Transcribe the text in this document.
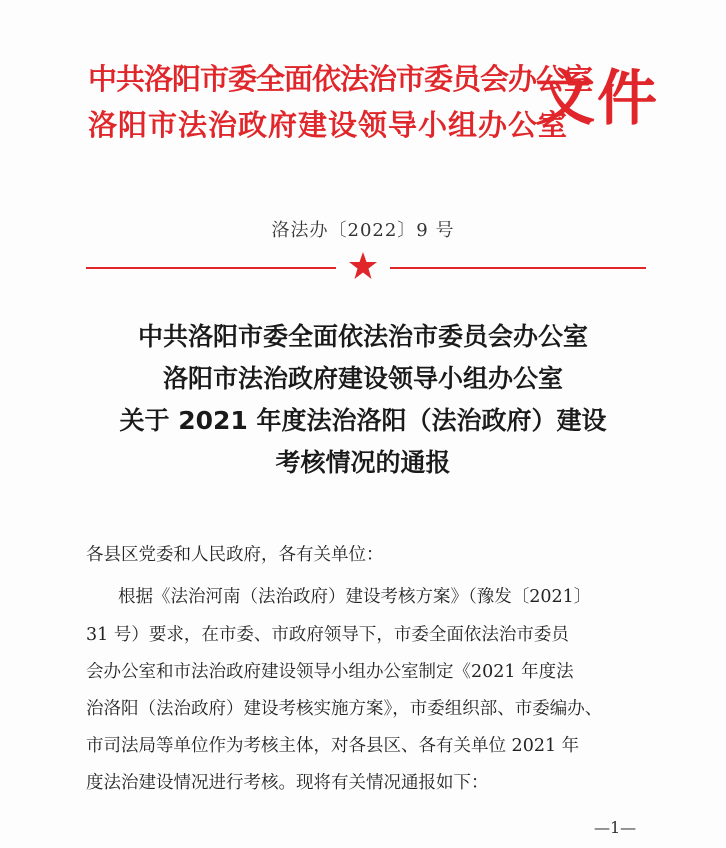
中共洛阳市委全面依法治市委员会办公室
洛阳市法治政府建设领导小组办公室
文件
洛法办〔2022〕9 号
中共洛阳市委全面依法治市委员会办公室
洛阳市法治政府建设领导小组办公室
关于 2021 年度法治洛阳（法治政府）建设
考核情况的通报
各县区党委和人民政府，各有关单位：
根据《法治河南（法治政府）建设考核方案》（豫发〔2021〕
31 号）要求，在市委、市政府领导下，市委全面依法治市委员
会办公室和市法治政府建设领导小组办公室制定《2021 年度法
治洛阳（法治政府）建设考核实施方案》，市委组织部、市委编办、
市司法局等单位作为考核主体，对各县区、各有关单位 2021 年
度法治建设情况进行考核。现将有关情况通报如下：
—1—
